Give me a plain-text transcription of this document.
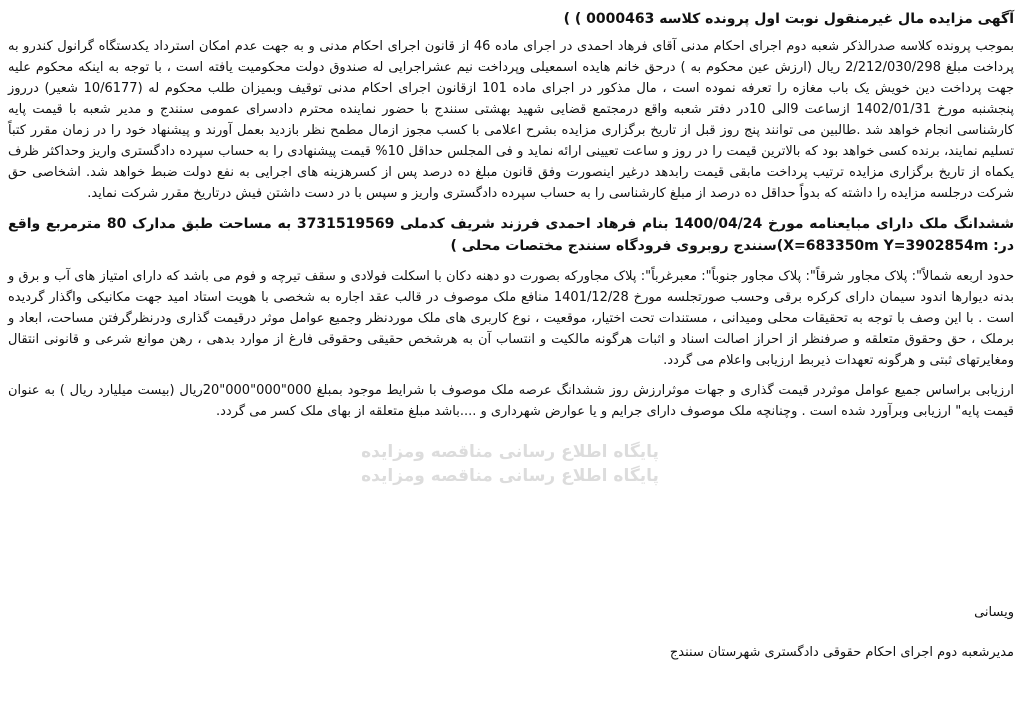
پایگاه اطلاع رسانی مناقصه ومزایده
پایگاه اطلاع رسانی مناقصه ومزایده
آگهی مزایده مال غیرمنقول نوبت اول پرونده کلاسه 0000463 ) )
بموجب پرونده کلاسه صدرالذکر شعبه دوم اجرای احکام مدنی آقای فرهاد احمدی در اجرای ماده 46 از قانون اجرای احکام مدنی و به جهت عدم امکان استرداد یکدستگاه گرانول کندرو به پرداخت مبلغ 2/212/030/298 ریال (ارزش عین محکوم به ) درحق خانم هایده اسمعیلی وپرداخت نیم عشراجرایی له صندوق دولت محکومیت یافته است ، با توجه به اینکه محکوم علیه جهت پرداخت دین خویش یک باب مغازه را تعرفه نموده است ، مال مذکور در اجرای ماده 101 ازقانون اجرای احکام مدنی توقیف وبمیزان طلب محکوم له (10/6177 شعیر) درروز پنجشنبه مورخ 1402/01/31 ازساعت 9الی 10در دفتر شعبه واقع درمجتمع قضایی شهید بهشتی سنندج با حضور نماینده محترم دادسرای عمومی سنندج و مدیر شعبه با قیمت پایه کارشناسی انجام خواهد شد .طالبین می توانند پنج روز قبل از تاریخ برگزاری مزایده بشرح اعلامی با کسب مجوز ازمال مطمح نظر بازدید بعمل آورند و پیشنهاد خود را در زمان مقرر کتباً تسلیم نمایند، برنده کسی خواهد بود که بالاترین قیمت را در روز و ساعت تعیینی ارائه نماید و فی المجلس حداقل 10% قیمت پیشنهادی را به حساب سپرده دادگستری واریز وحداکثر ظرف یکماه از تاریخ برگزاری مزایده ترتیب پرداخت مابقی قیمت رابدهد درغیر اینصورت وفق قانون مبلغ ده درصد پس از کسرهزینه های اجرایی به نفع دولت ضبط خواهد شد. اشخاصی حق شرکت درجلسه مزایده را داشته که بدواً حداقل ده درصد از مبلغ کارشناسی را به حساب سپرده دادگستری واریز و سپس با در دست داشتن فیش درتاریخ مقرر شرکت نماید.
ششدانگ ملک دارای مبایعنامه مورخ 1400/04/24 بنام فرهاد احمدی فرزند شریف کدملی 3731519569 به مساحت طبق مدارک 80 مترمربع واقع در: X=683350m Y=3902854m)سنندج روبروی فرودگاه سنندج مختصات محلی )
حدود اربعه شمالاً": پلاک مجاور شرقاً": پلاک مجاور جنوباً": معبرغرباً": پلاک مجاورکه بصورت دو دهنه دکان با اسکلت فولادی و سقف تیرچه و فوم می باشد که دارای امتیاز های آب و برق و بدنه دیوارها اندود سیمان دارای کرکره برقی وحسب صورتجلسه مورخ 1401/12/28 منافع ملک موصوف در قالب عقد اجاره به شخصی با هویت استاد امید جهت مکانیکی واگذار گردیده است . با این وصف با توجه به تحقیقات محلی ومیدانی ، مستندات تحت اختیار، موقعیت ، نوع کاربری های ملک موردنظر وجمیع عوامل موثر درقیمت گذاری ودرنظرگرفتن مساحت، ابعاد و برملک ، حق وحقوق متعلقه و صرفنظر از احراز اصالت اسناد و اثبات هرگونه مالکیت و انتساب آن به هرشخص حقیقی وحقوقی فارغ از موارد بدهی ، رهن موانع شرعی و قانونی انتقال ومغایرتهای ثبتی و هرگونه تعهدات ذیربط ارزیابی واعلام می گردد.
ارزیابی براساس جمیع عوامل موثردر قیمت گذاری و جهات موثرارزش روز ششدانگ عرصه ملک موصوف با شرایط موجود بمبلغ 000"000"000"20ریال (بیست میلیارد ریال ) به عنوان قیمت پایه" ارزیابی وبرآورد شده است . وچنانچه ملک موصوف دارای جرایم و یا عوارض شهرداری و ....باشد مبلغ متعلقه از بهای ملک کسر می گردد.
ویسانی
مدیرشعبه دوم اجرای احکام حقوقی دادگستری شهرستان سنندج
